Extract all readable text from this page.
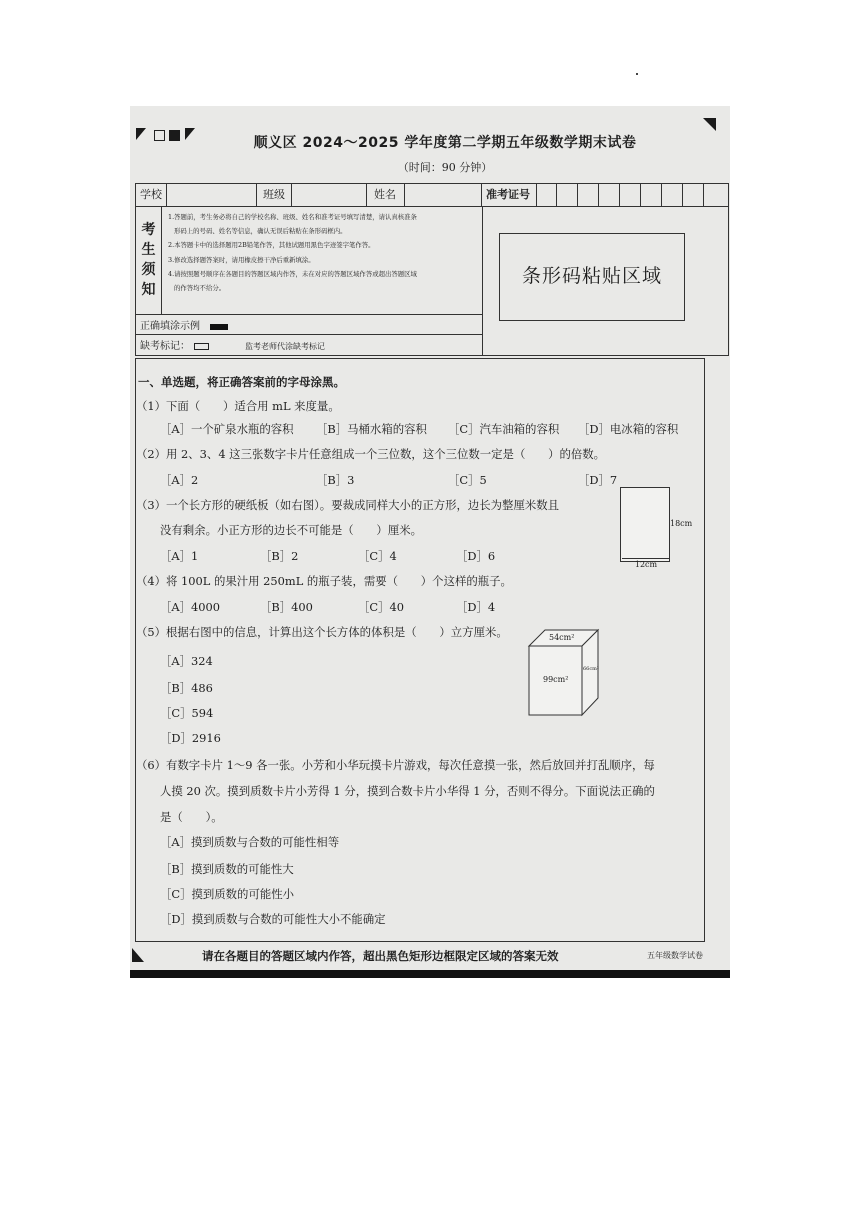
顺义区 2024～2025 学年度第二学期五年级数学期末试卷
（时间：90 分钟）
学校	班级	姓名	准考证号
考
生
须
知
1.答题前，考生务必将自己的学校名称、班级、姓名和准考证号填写清楚，请认真核准条
形码上的号码、姓名等信息，确认无误后粘贴在条形码框内。
2.本答题卡中的选择题用2B铅笔作答，其他试题用黑色字迹签字笔作答。
3.修改选择题答案时，请用橡皮擦干净后重新填涂。
4.请按照题号顺序在各题目的答题区域内作答，未在对应的答题区域作答或超出答题区域
的作答均不给分。
条形码粘贴区域
正确填涂示例
缺考标记：	监考老师代涂缺考标记
一、单选题，将正确答案前的字母涂黑。
（1）下面（　　）适合用 mL 来度量。
［A］一个矿泉水瓶的容积 ［B］马桶水箱的容积 ［C］汽车油箱的容积 ［D］电冰箱的容积
（2）用 2、3、4 这三张数字卡片任意组成一个三位数，这个三位数一定是（　　）的倍数。
［A］2	［B］3	［C］5	［D］7
（3）一个长方形的硬纸板（如右图）。要裁成同样大小的正方形，边长为整厘米数且
没有剩余。小正方形的边长不可能是（　　）厘米。
［A］1	［B］2	［C］4	［D］6
18cm
12cm
（4）将 100L 的果汁用 250mL 的瓶子装，需要（　　）个这样的瓶子。
［A］4000	［B］400	［C］40	［D］4
（5）根据右图中的信息，计算出这个长方体的体积是（　　）立方厘米。
［A］324
［B］486
［C］594
［D］2916
54cm²
99cm²
66cm²
（6）有数字卡片 1～9 各一张。小芳和小华玩摸卡片游戏，每次任意摸一张，然后放回并打乱顺序，每
人摸 20 次。摸到质数卡片小芳得 1 分，摸到合数卡片小华得 1 分，否则不得分。下面说法正确的
是（　　）。
［A］摸到质数与合数的可能性相等
［B］摸到质数的可能性大
［C］摸到质数的可能性小
［D］摸到质数与合数的可能性大小不能确定
请在各题目的答题区域内作答，超出黑色矩形边框限定区域的答案无效	五年级数学试卷
